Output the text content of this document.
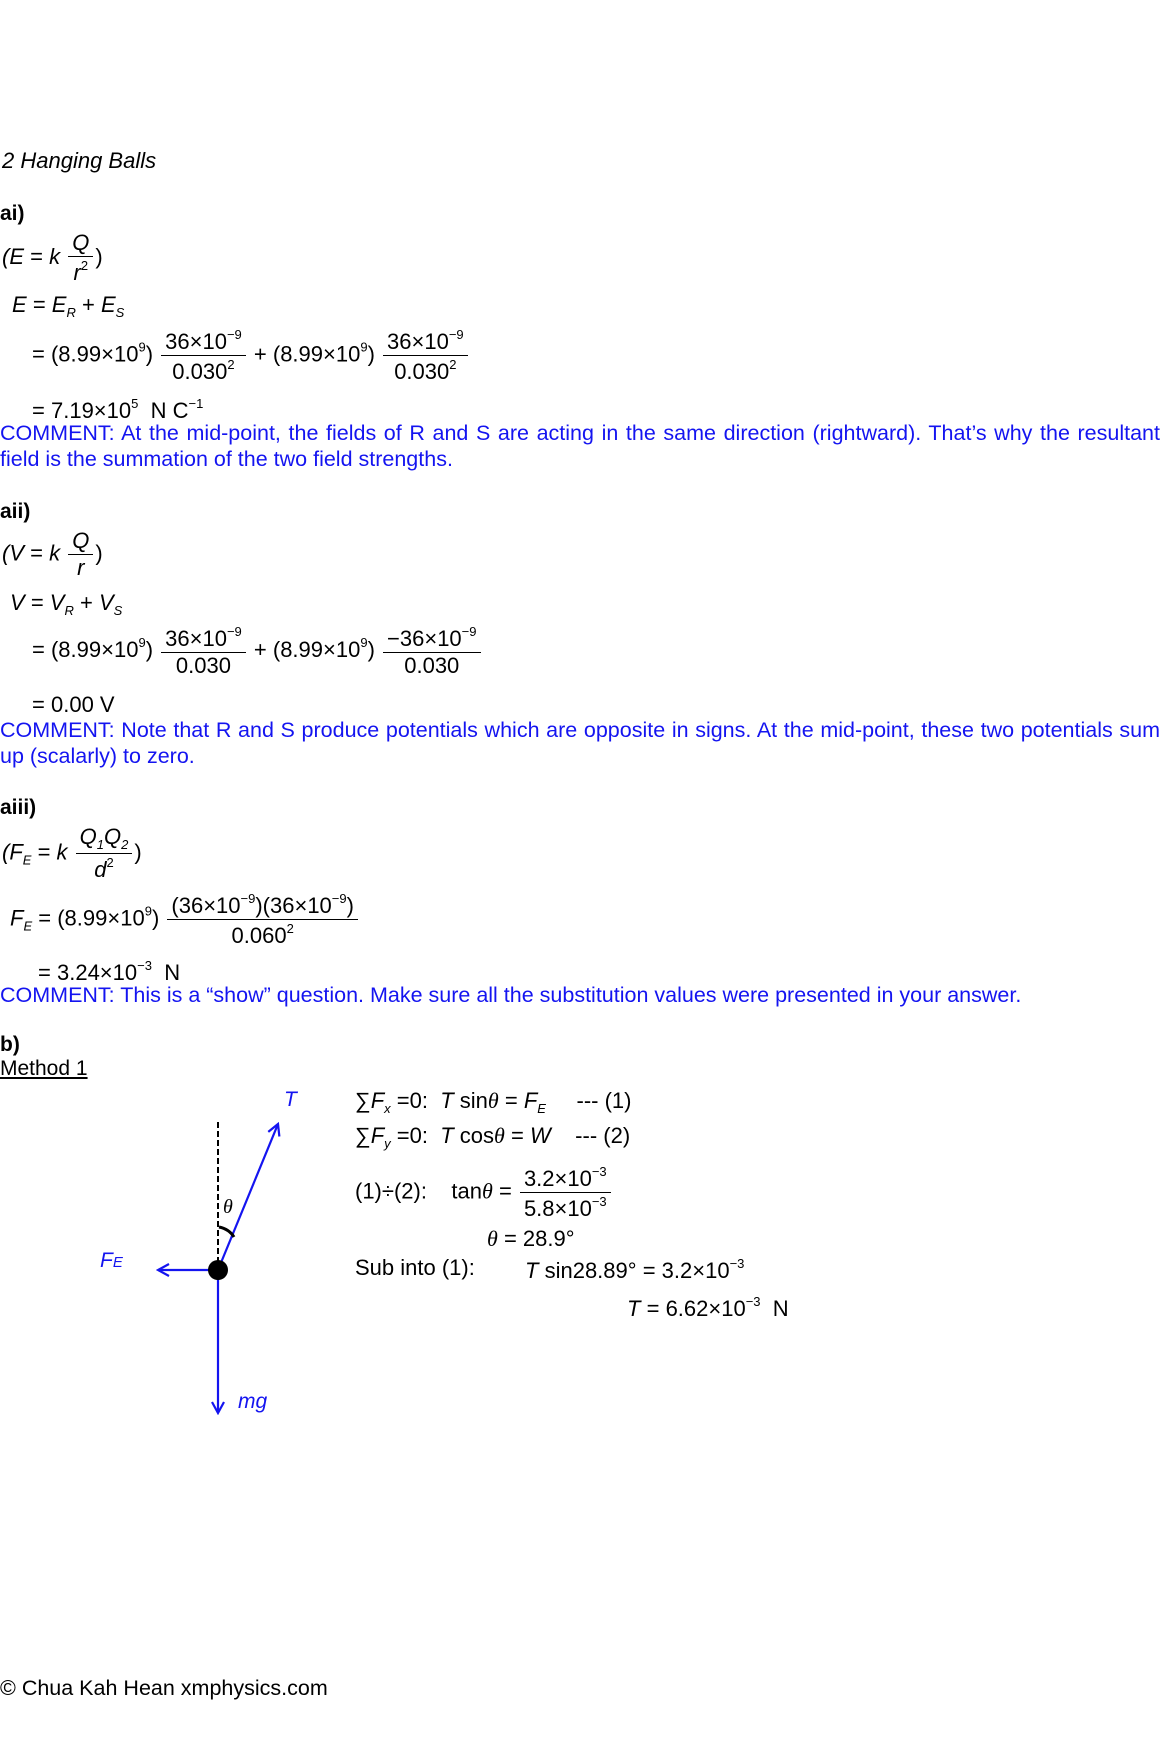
2 Hanging Balls
ai)
(E = k $\frac{Q}{r^2}$ )
$E = E_R + E_S$
= $(8.99\times 10^9) \frac{36\times 10^{-9}}{0.030^2} + (8.99\times 10^9) \frac{36\times 10^{-9}}{0.030^2}$
= $7.19\times 10^5$ N $C^{-1}$
COMMENT: At the mid-point, the fields of R and S are acting in the same direction (rightward). That’s why the resultant field is the summation of the two field strengths.
aii)
(V = k $\frac{Q}{r}$ )
$V = V_R + V_S$
= $(8.99\times 10^9) \frac{36\times 10^{-9}}{0.030} + (8.99\times 10^9) \frac{-36\times 10^{-9}}{0.030}$
= 0.00 V
COMMENT: Note that R and S produce potentials which are opposite in signs. At the mid-point, these two potentials sum up (scalarly) to zero.
aiii)
($F_E = k \frac{Q_1Q_2}{d^2}$ )
$F_E = (8.99\times 10^9) \frac{(36\times 10^{-9})(36\times 10^{-9})}{0.060^2}$
= $3.24\times 10^{-3}$ N
COMMENT: This is a “show” question. Make sure all the substitution values were presented in your answer.
b)
Method 1
T
θ
FE
mg
$\sum F_x =0$: T $\sin\theta = F_E$ --- (1)
$\sum F_y =0$: T cosθ = W --- (2)
(1)÷(2): $\tan\theta = \frac{3.2\times 10^{-3}}{5.8\times 10^{-3}}$
θ = 28.9°
Sub into (1): T $\sin 28.89^\circ = 3.2\times 10^{-3}$
$T = 6.62\times 10^{-3}$ N
© Chua Kah Hean xmphysics.com
